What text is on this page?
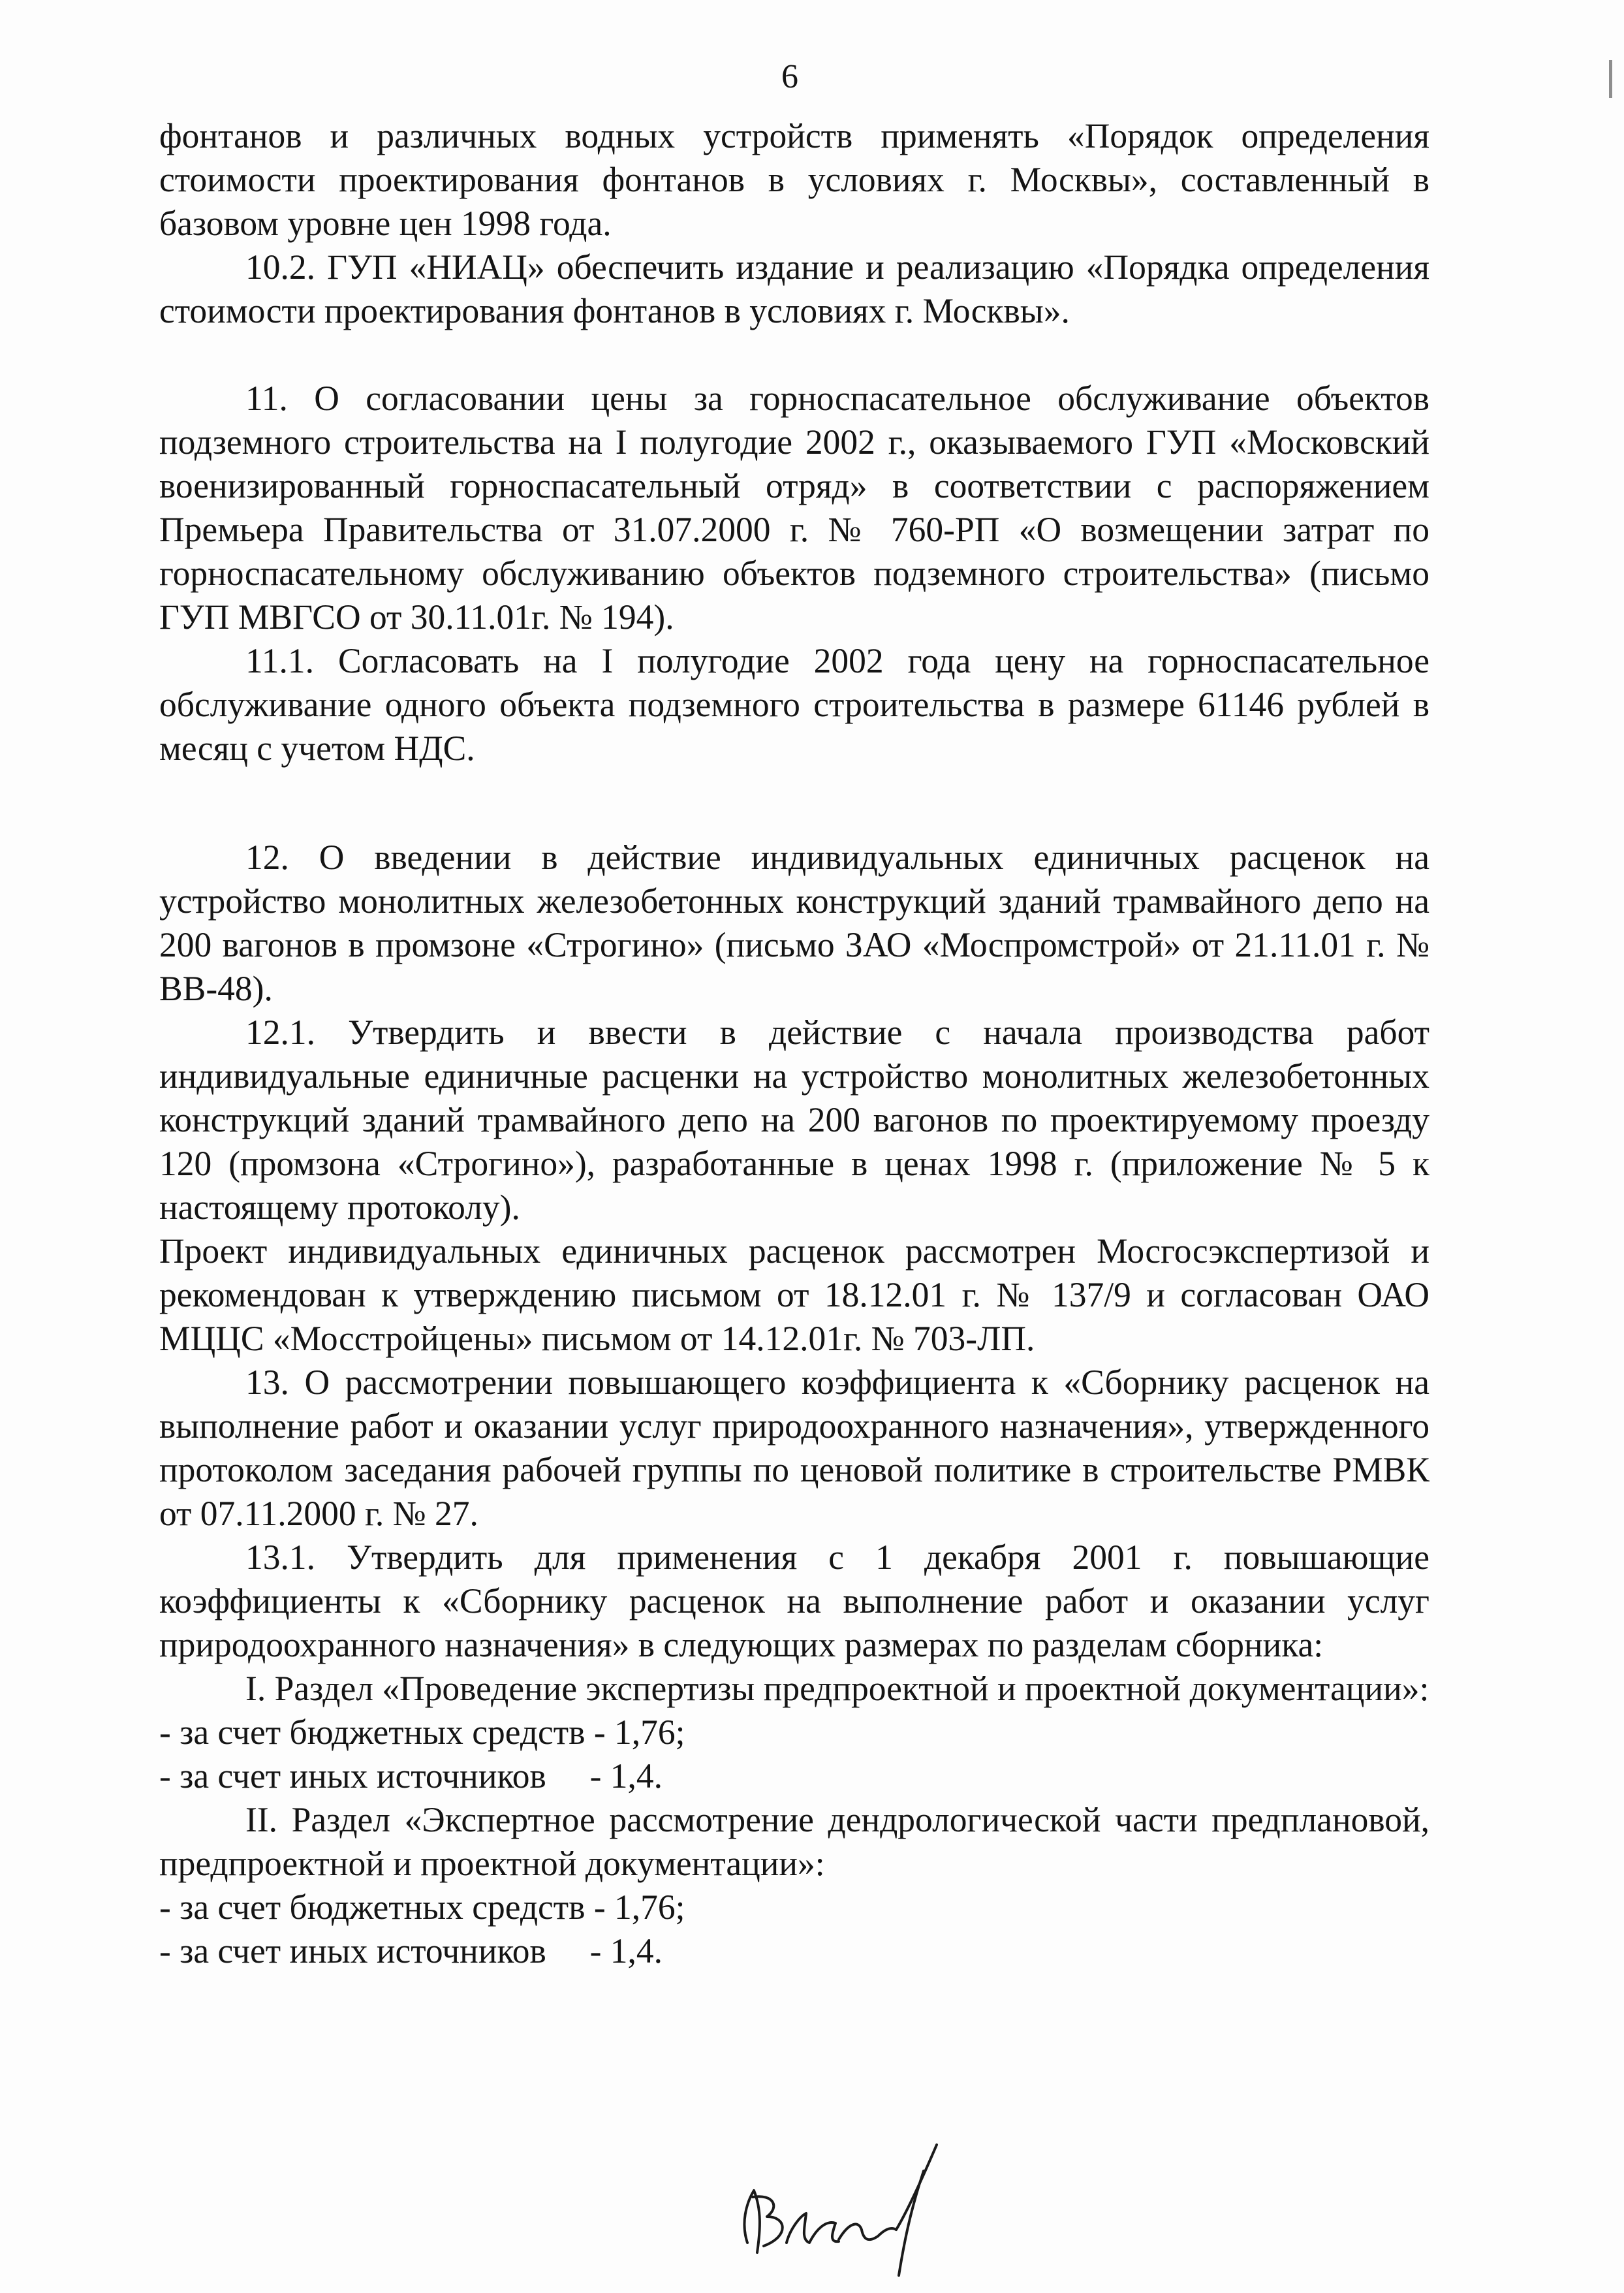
6

фонтанов и различных водных устройств применять «Порядок определения стоимости проектирования фонтанов в условиях г. Москвы», составленный в базовом уровне цен 1998 года.

10.2. ГУП «НИАЦ» обеспечить издание и реализацию «Порядка определения стоимости проектирования фонтанов в условиях г. Москвы».

11. О согласовании цены за горноспасательное обслуживание объектов подземного строительства на I полугодие 2002 г., оказываемого ГУП «Московский военизированный горноспасательный отряд» в соответствии с распоряжением Премьера Правительства от 31.07.2000 г. № 760-РП «О возмещении затрат по горноспасательному обслуживанию объектов подземного строительства» (письмо ГУП МВГСО от 30.11.01г. № 194).

11.1. Согласовать на I полугодие 2002 года цену на горноспасательное обслуживание одного объекта подземного строительства в размере 61146 рублей в месяц с учетом НДС.

12. О введении в действие индивидуальных единичных расценок на устройство монолитных железобетонных конструкций зданий трамвайного депо на 200 вагонов в промзоне «Строгино» (письмо ЗАО «Моспромстрой» от 21.11.01 г. № ВВ-48).

12.1. Утвердить и ввести в действие с начала производства работ индивидуальные единичные расценки на устройство монолитных железобетонных конструкций зданий трамвайного депо на 200 вагонов по проектируемому проезду 120 (промзона «Строгино»), разработанные в ценах 1998 г. (приложение № 5 к настоящему протоколу).

Проект индивидуальных единичных расценок рассмотрен Мосгосэкспертизой и рекомендован к утверждению письмом от 18.12.01 г. № 137/9 и согласован ОАО МЦЦС «Мосстройцены» письмом от 14.12.01г. № 703-ЛП.

13. О рассмотрении повышающего коэффициента к «Сборнику расценок на выполнение работ и оказании услуг природоохранного назначения», утвержденного протоколом заседания рабочей группы по ценовой политике в строительстве РМВК от 07.11.2000 г. № 27.

13.1. Утвердить для применения с 1 декабря 2001 г. повышающие коэффициенты к «Сборнику расценок на выполнение работ и оказании услуг природоохранного назначения» в следующих размерах по разделам сборника:

I. Раздел «Проведение экспертизы предпроектной и проектной документации»:

- за счет бюджетных средств - 1,76;
- за счет иных источников     - 1,4.

II. Раздел «Экспертное рассмотрение дендрологической части предплановой, предпроектной и проектной документации»:

- за счет бюджетных средств - 1,76;
- за счет иных источников     - 1,4.
